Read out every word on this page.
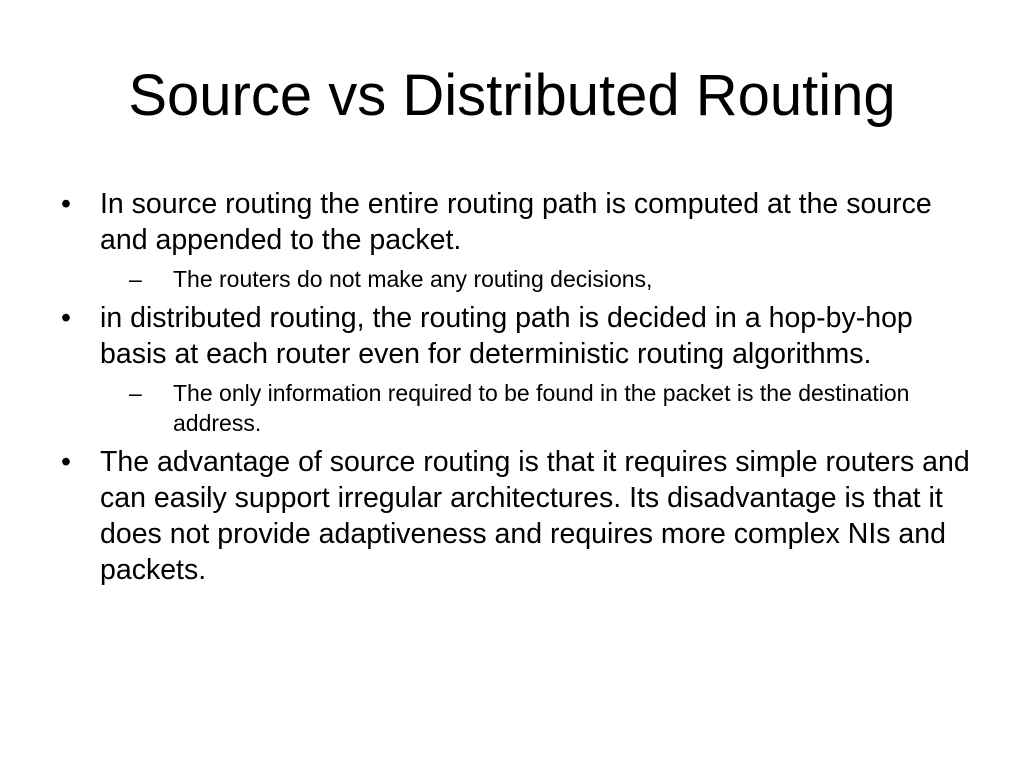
Source vs Distributed Routing
• In source routing the entire routing path is computed at the source and appended to the packet.
– The routers do not make any routing decisions,
• in distributed routing, the routing path is decided in a hop-by-hop basis at each router even for deterministic routing algorithms.
– The only information required to be found in the packet is the destination address.
• The advantage of source routing is that it requires simple routers and can easily support irregular architectures. Its disadvantage is that it does not provide adaptiveness and requires more complex NIs and packets.
